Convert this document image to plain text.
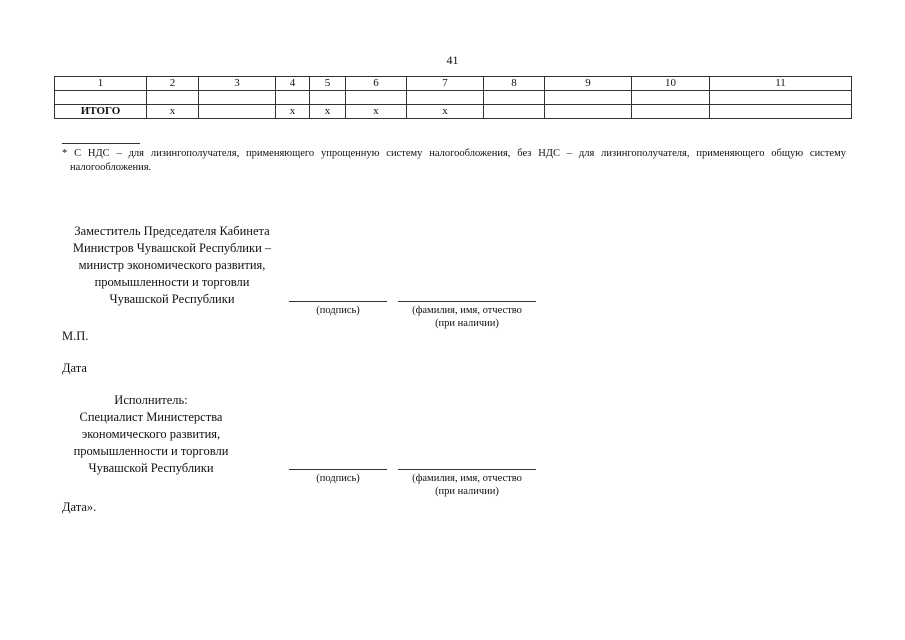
41
1	2	3	4	5	6	7	8	9	10	11

ИТОГО	x		x	x	x	x				
* С НДС – для лизингополучателя, применяющего упрощенную систему налогообложения, без НДС – для лизингополучателя, применяющего общую систему налогообложения.
Заместитель Председателя Кабинета
Министров Чувашской Республики –
министр экономического развития,
промышленности и торговли
Чувашской Республики
(подпись)	(фамилия, имя, отчество
(при наличии)
М.П.
Дата
Исполнитель:
Специалист Министерства
экономического развития,
промышленности и торговли
Чувашской Республики
(подпись)	(фамилия, имя, отчество
(при наличии)
Дата».
